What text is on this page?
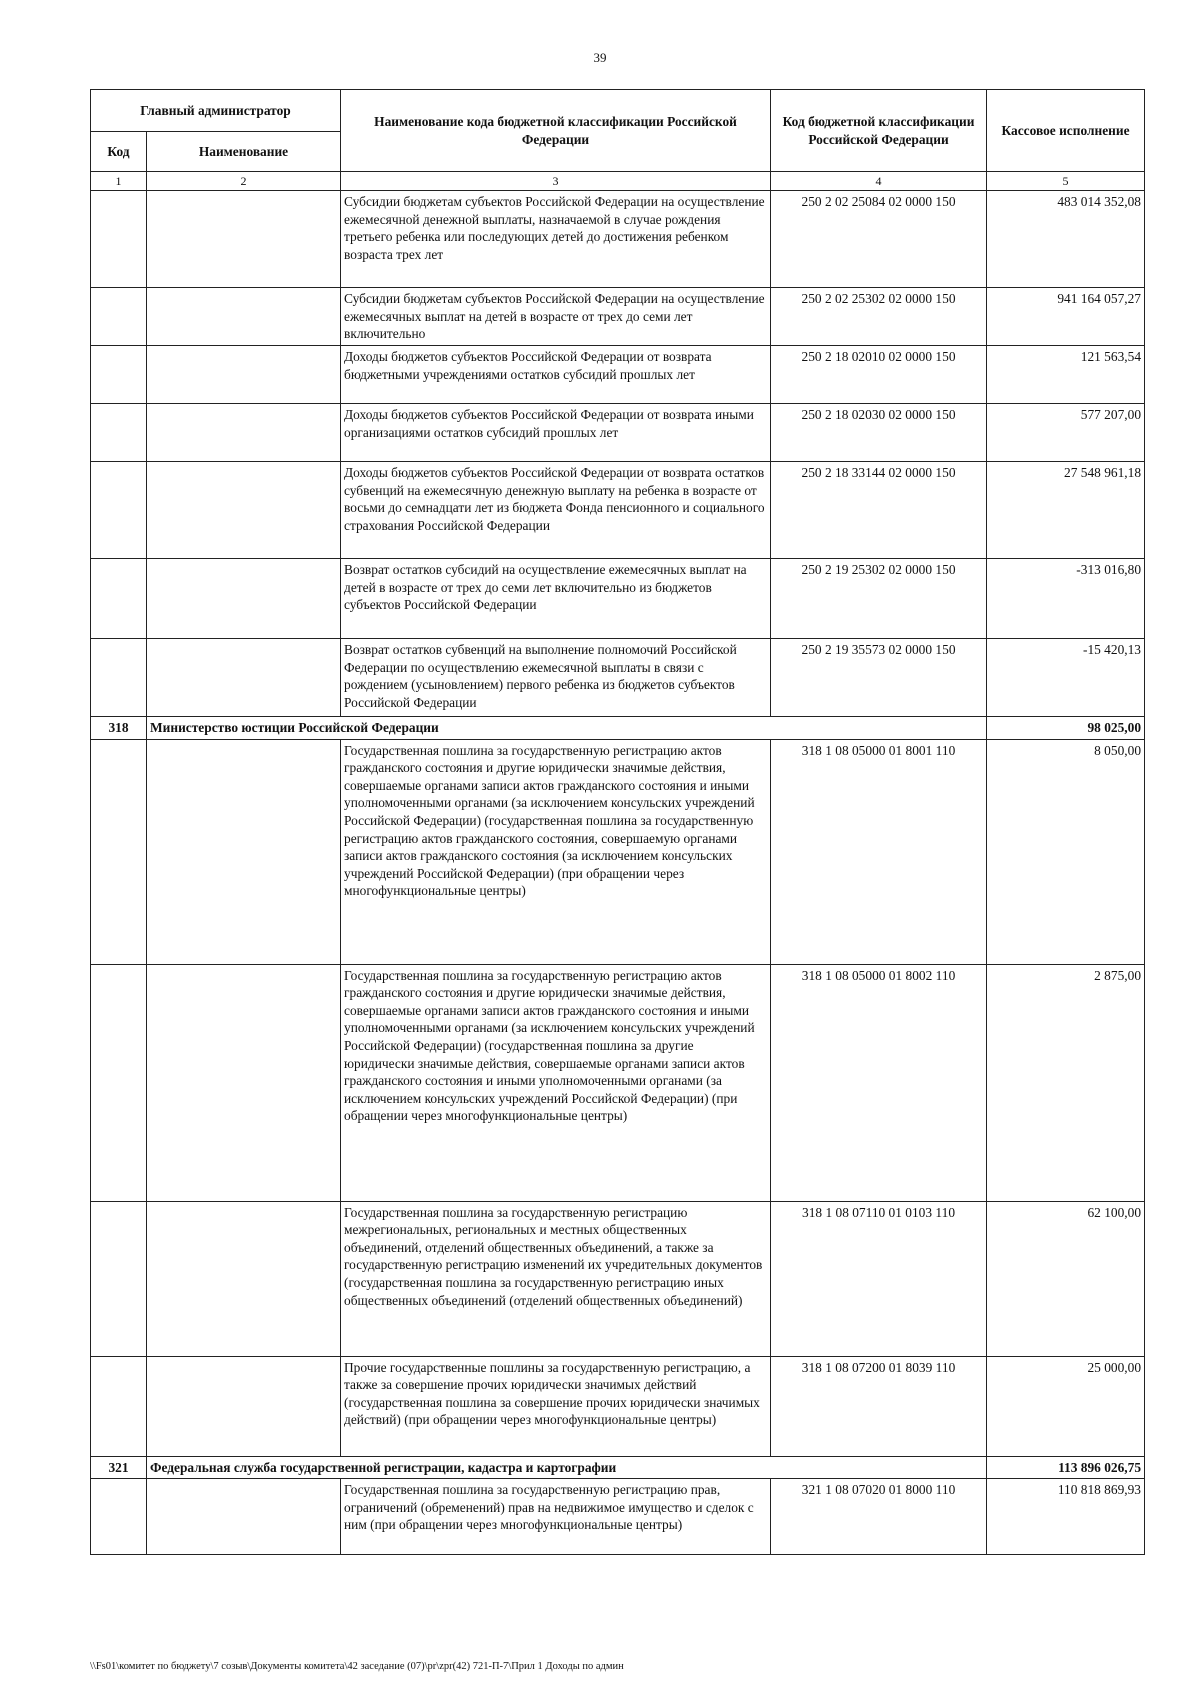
39
Главный администратор		Наименование кода бюджетной классификации Российской Федерации	Код бюджетной классификации Российской Федерации	Кассовое исполнение
Код	Наименование			
1	2	3	4	5
		Субсидии бюджетам субъектов Российской Федерации на осуществление ежемесячной денежной выплаты, назначаемой в случае рождения третьего ребенка или последующих детей до достижения ребенком возраста трех лет	250 2 02 25084 02 0000 150	483 014 352,08
		Субсидии бюджетам субъектов Российской Федерации на осуществление ежемесячных выплат на детей в возрасте от трех до семи лет включительно	250 2 02 25302 02 0000 150	941 164 057,27
		Доходы бюджетов субъектов Российской Федерации от возврата бюджетными учреждениями остатков субсидий прошлых лет	250 2 18 02010 02 0000 150	121 563,54
		Доходы бюджетов субъектов Российской Федерации от возврата иными организациями остатков субсидий прошлых лет	250 2 18 02030 02 0000 150	577 207,00
		Доходы бюджетов субъектов Российской Федерации от возврата остатков субвенций на ежемесячную денежную выплату на ребенка в возрасте от восьми до семнадцати лет из бюджета Фонда пенсионного и социального страхования Российской Федерации	250 2 18 33144 02 0000 150	27 548 961,18
		Возврат остатков субсидий на осуществление ежемесячных выплат на детей в возрасте от трех до семи лет включительно из бюджетов субъектов Российской Федерации	250 2 19 25302 02 0000 150	-313 016,80
		Возврат остатков субвенций на выполнение полномочий Российской Федерации по осуществлению ежемесячной выплаты в связи с рождением (усыновлением) первого ребенка из бюджетов субъектов Российской Федерации	250 2 19 35573 02 0000 150	-15 420,13
318	Министерство юстиции Российской Федерации			98 025,00
		Государственная пошлина за государственную регистрацию актов гражданского состояния и другие юридически значимые действия, совершаемые органами записи актов гражданского состояния и иными уполномоченными органами (за исключением консульских учреждений Российской Федерации) (государственная пошлина за государственную регистрацию актов гражданского состояния, совершаемую органами записи актов гражданского состояния (за исключением консульских учреждений Российской Федерации) (при обращении через многофункциональные центры)	318 1 08 05000 01 8001 110	8 050,00
		Государственная пошлина за государственную регистрацию актов гражданского состояния и другие юридически значимые действия, совершаемые органами записи актов гражданского состояния и иными уполномоченными органами (за исключением консульских учреждений Российской Федерации) (государственная пошлина за другие юридически значимые действия, совершаемые органами записи актов гражданского состояния и иными уполномоченными органами (за исключением консульских учреждений Российской Федерации) (при обращении через многофункциональные центры)	318 1 08 05000 01 8002 110	2 875,00
		Государственная пошлина за государственную регистрацию межрегиональных, региональных и местных общественных объединений, отделений общественных объединений, а также за государственную регистрацию изменений их учредительных документов (государственная пошлина за государственную регистрацию иных общественных объединений (отделений общественных объединений)	318 1 08 07110 01 0103 110	62 100,00
		Прочие государственные пошлины за государственную регистрацию, а также за совершение прочих юридически значимых действий (государственная пошлина за совершение прочих юридически значимых действий) (при обращении через многофункциональные центры)	318 1 08 07200 01 8039 110	25 000,00
321	Федеральная служба государственной регистрации, кадастра и картографии			113 896 026,75
		Государственная пошлина за государственную регистрацию прав, ограничений (обременений) прав на недвижимое имущество и сделок с ним (при обращении через многофункциональные центры)	321 1 08 07020 01 8000 110	110 818 869,93
\\Fs01\комитет по бюджету\7 созыв\Документы комитета\42 заседание (07)\pr\zpr(42) 721-П-7\Прил 1 Доходы по админ
